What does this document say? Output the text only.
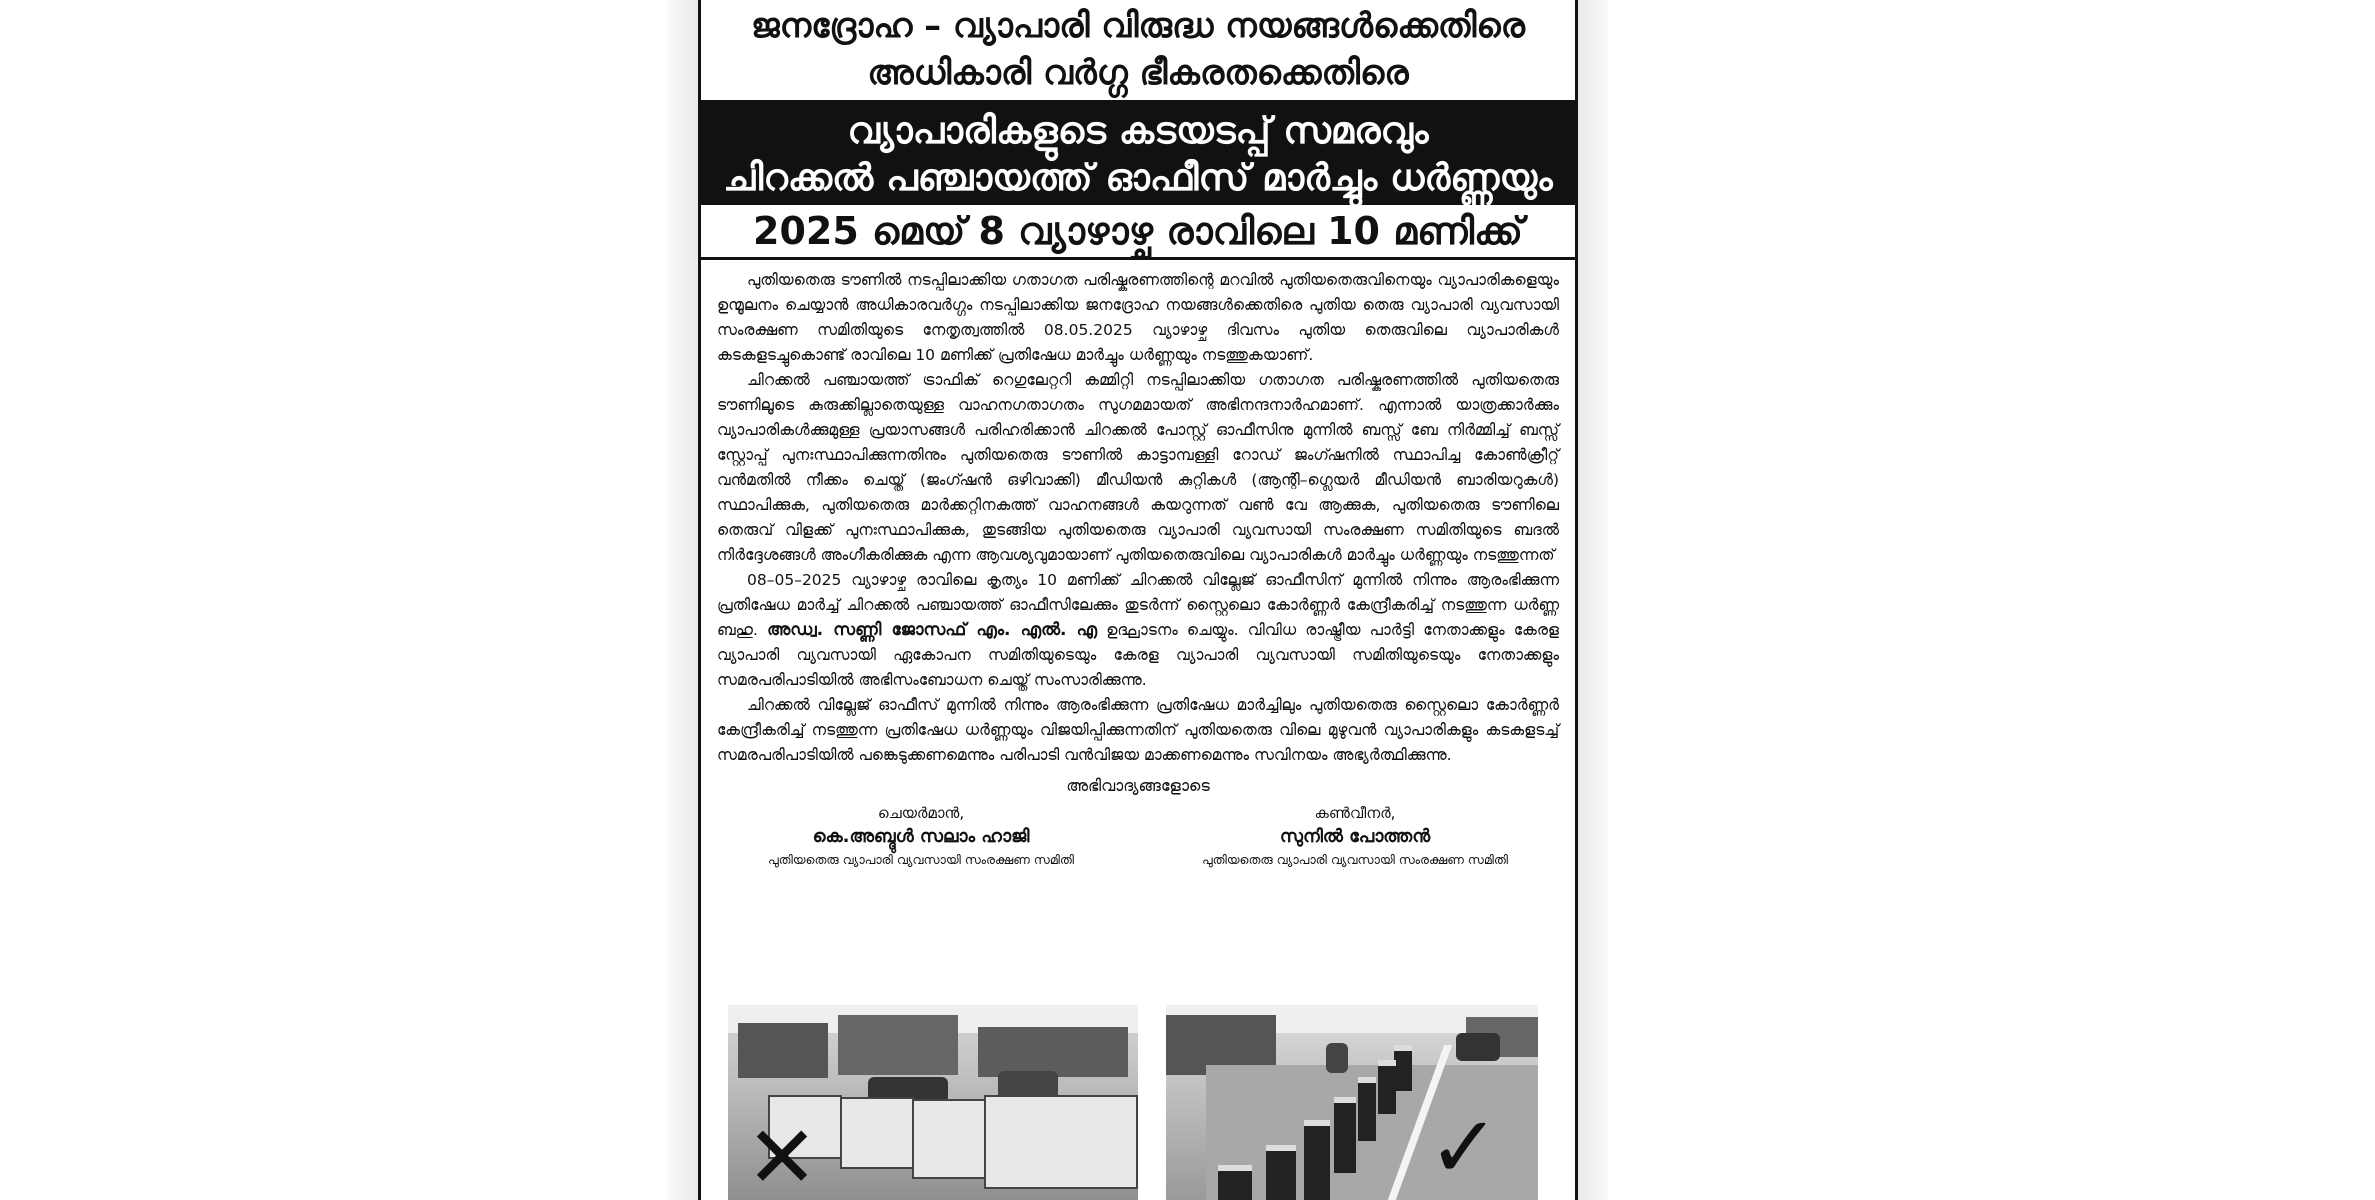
ജനദ്രോഹ – വ്യാപാരി വിരുദ്ധ നയങ്ങൾക്കെതിരെ
അധികാരി വർഗ്ഗ ഭീകരതക്കെതിരെ
വ്യാപാരികളുടെ കടയടപ്പ് സമരവും
ചിറക്കൽ പഞ്ചായത്ത് ഓഫീസ് മാർച്ചും ധർണ്ണയും
2025 മെയ് 8 വ്യാഴാഴ്ച രാവിലെ 10 മണിക്ക്

പുതിയതെരു ടൗണിൽ നടപ്പിലാക്കിയ ഗതാഗത പരിഷ്കരണത്തിന്റെ മറവിൽ പുതിയതെരുവിനെയും വ്യാപാരികളെയും ഉന്മൂലനം ചെയ്യാൻ അധികാരവർഗ്ഗം നടപ്പിലാക്കിയ ജനദ്രോഹ നയങ്ങൾക്കെതിരെ പുതിയ തെരു വ്യാപാരി വ്യവസായി സംരക്ഷണ സമിതിയുടെ നേതൃത്വത്തിൽ 08.05.2025 വ്യാഴാഴ്ച ദിവസം പുതിയ തെരുവിലെ വ്യാപാരികൾ കടകളടച്ചുകൊണ്ട് രാവിലെ 10 മണിക്ക് പ്രതിഷേധ മാർച്ചും ധർണ്ണയും നടത്തുകയാണ്.

ചിറക്കൽ പഞ്ചായത്ത് ട്രാഫിക് റെഗുലേറ്ററി കമ്മിറ്റി നടപ്പിലാക്കിയ ഗതാഗത പരിഷ്കരണത്തിൽ പുതിയതെരു ടൗണിലൂടെ കുരുക്കില്ലാതെയുള്ള വാഹനഗതാഗതം സുഗമമായത് അഭിനന്ദനാർഹമാണ്. എന്നാൽ യാത്രക്കാർക്കും വ്യാപാരികൾക്കുമുള്ള പ്രയാസങ്ങൾ പരിഹരിക്കാൻ ചിറക്കൽ പോസ്റ്റ് ഓഫീസിനു മുന്നിൽ ബസ്സ് ബേ നിർമ്മിച്ച് ബസ്സ് സ്റ്റോപ്പ് പുനഃസ്ഥാപിക്കുന്നതിനും പുതിയതെരു ടൗണിൽ കാട്ടാമ്പള്ളി റോഡ് ജംഗ്ഷനിൽ സ്ഥാപിച്ച കോൺക്രീറ്റ് വൻമതിൽ നീക്കം ചെയ്ത് (ജംഗ്ഷൻ ഒഴിവാക്കി) മീഡിയൻ കുറ്റികൾ (ആന്റി–ഗ്ലെയർ മീഡിയൻ ബാരിയറുകൾ) സ്ഥാപിക്കുക, പുതിയതെരു മാർക്കറ്റിനകത്ത് വാഹനങ്ങൾ കയറുന്നത് വൺ വേ ആക്കുക, പുതിയതെരു ടൗണിലെ തെരുവ് വിളക്ക് പുനഃസ്ഥാപിക്കുക, തുടങ്ങിയ പുതിയതെരു വ്യാപാരി വ്യവസായി സംരക്ഷണ സമിതിയുടെ ബദൽ നിർദ്ദേശങ്ങൾ അംഗീകരിക്കുക എന്ന ആവശ്യവുമായാണ് പുതിയതെരുവിലെ വ്യാപാരികൾ മാർച്ചും ധർണ്ണയും നടത്തുന്നത്

08–05–2025 വ്യാഴാഴ്ച രാവിലെ കൃത്യം 10 മണിക്ക് ചിറക്കൽ വില്ലേജ് ഓഫീസിന് മുന്നിൽ നിന്നും ആരംഭിക്കുന്ന പ്രതിഷേധ മാർച്ച് ചിറക്കൽ പഞ്ചായത്ത് ഓഫീസിലേക്കും തുടർന്ന് സ്റ്റൈലൊ കോർണ്ണർ കേന്ദ്രീകരിച്ച് നടത്തുന്ന ധർണ്ണ ബഹു. അഡ്വ. സണ്ണി ജോസഫ് എം. എൽ. എ ഉദ്ഘാടനം ചെയ്യും. വിവിധ രാഷ്ട്രീയ പാർട്ടി നേതാക്കളും കേരള വ്യാപാരി വ്യവസായി ഏകോപന സമിതിയുടെയും കേരള വ്യാപാരി വ്യവസായി സമിതിയുടെയും നേതാക്കളും സമരപരിപാടിയിൽ അഭിസംബോധന ചെയ്ത് സംസാരിക്കുന്നു.

ചിറക്കൽ വില്ലേജ് ഓഫീസ് മുന്നിൽ നിന്നും ആരംഭിക്കുന്ന പ്രതിഷേധ മാർച്ചിലും പുതിയതെരു സ്റ്റൈലൊ കോർണ്ണർ കേന്ദ്രീകരിച്ച് നടത്തുന്ന പ്രതിഷേധ ധർണ്ണയും വിജയിപ്പിക്കുന്നതിന് പുതിയതെരു വിലെ മുഴുവൻ വ്യാപാരികളും കടകളടച്ച് സമരപരിപാടിയിൽ പങ്കെടുക്കണമെന്നും പരിപാടി വൻവിജയ മാക്കണമെന്നും സവിനയം അഭ്യർത്ഥിക്കുന്നു.

അഭിവാദ്യങ്ങളോടെ
ചെയർമാൻ,
കെ.അബ്ദുൾ സലാം ഹാജി
പുതിയതെരു വ്യാപാരി വ്യവസായി സംരക്ഷണ സമിതി
കൺവീനർ,
സുനിൽ പോത്തൻ
പുതിയതെരു വ്യാപാരി വ്യവസായി സംരക്ഷണ സമിതി
✕	✓
